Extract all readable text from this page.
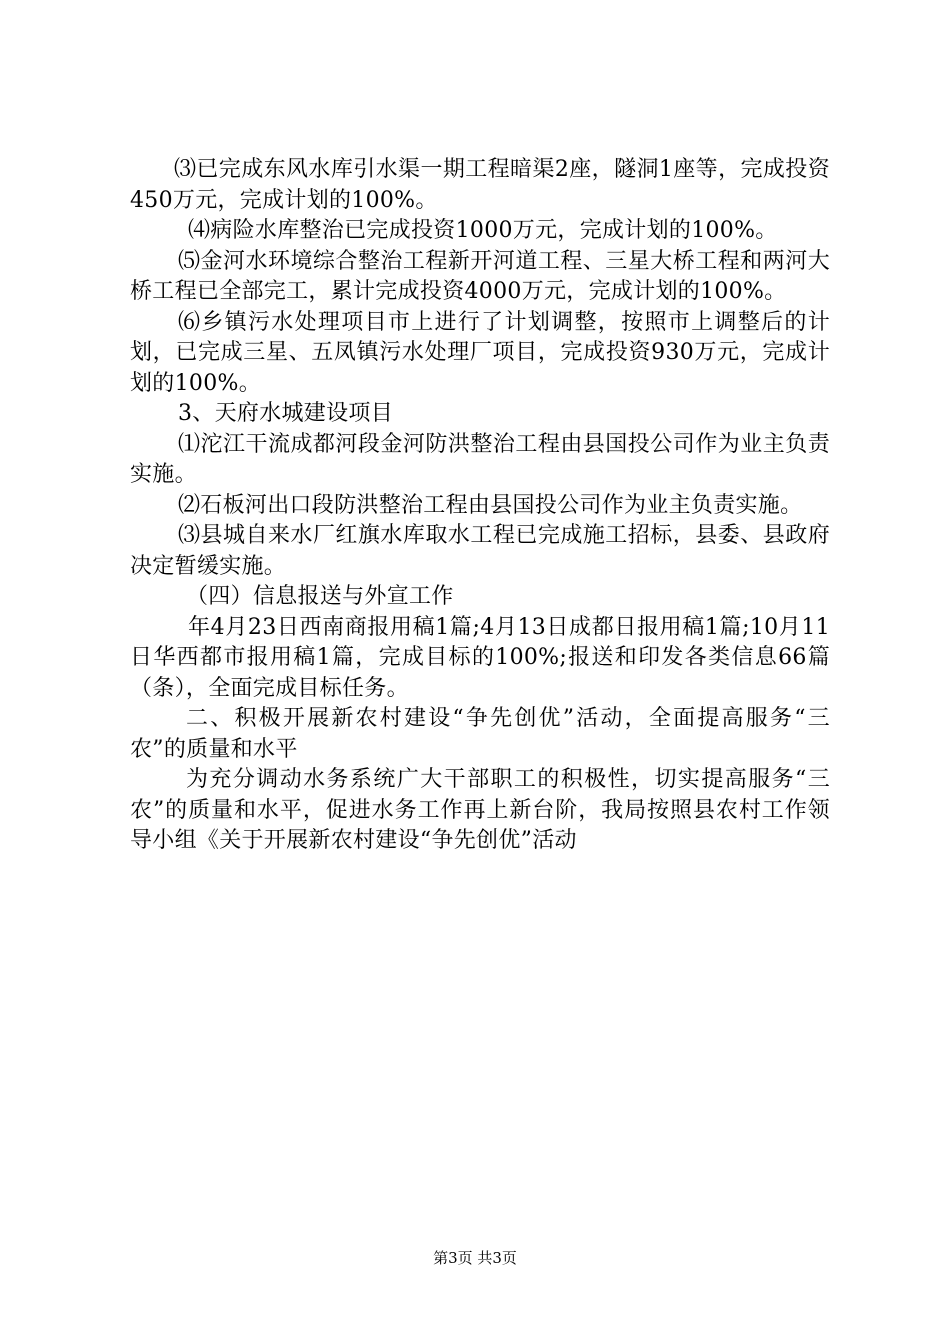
⑶已完成东风水库引水渠一期工程暗渠2座，隧洞1座等，完成投资450万元，完成计划的100%。

⑷病险水库整治已完成投资1000万元，完成计划的100%。

⑸金河水环境综合整治工程新开河道工程、三星大桥工程和两河大桥工程已全部完工，累计完成投资4000万元，完成计划的100%。

⑹乡镇污水处理项目市上进行了计划调整，按照市上调整后的计划，已完成三星、五凤镇污水处理厂项目，完成投资930万元，完成计划的100%。

3、天府水城建设项目

⑴沱江干流成都河段金河防洪整治工程由县国投公司作为业主负责实施。

⑵石板河出口段防洪整治工程由县国投公司作为业主负责实施。

⑶县城自来水厂红旗水库取水工程已完成施工招标，县委、县政府决定暂缓实施。

（四）信息报送与外宣工作

年4月23日西南商报用稿1篇;4月13日成都日报用稿1篇;10月11日华西都市报用稿1篇，完成目标的100%;报送和印发各类信息66篇（条），全面完成目标任务。

二、积极开展新农村建设“争先创优”活动，全面提高服务“三农”的质量和水平

为充分调动水务系统广大干部职工的积极性，切实提高服务“三农”的质量和水平，促进水务工作再上新台阶，我局按照县农村工作领导小组《关于开展新农村建设“争先创优”活动

第3页 共3页
